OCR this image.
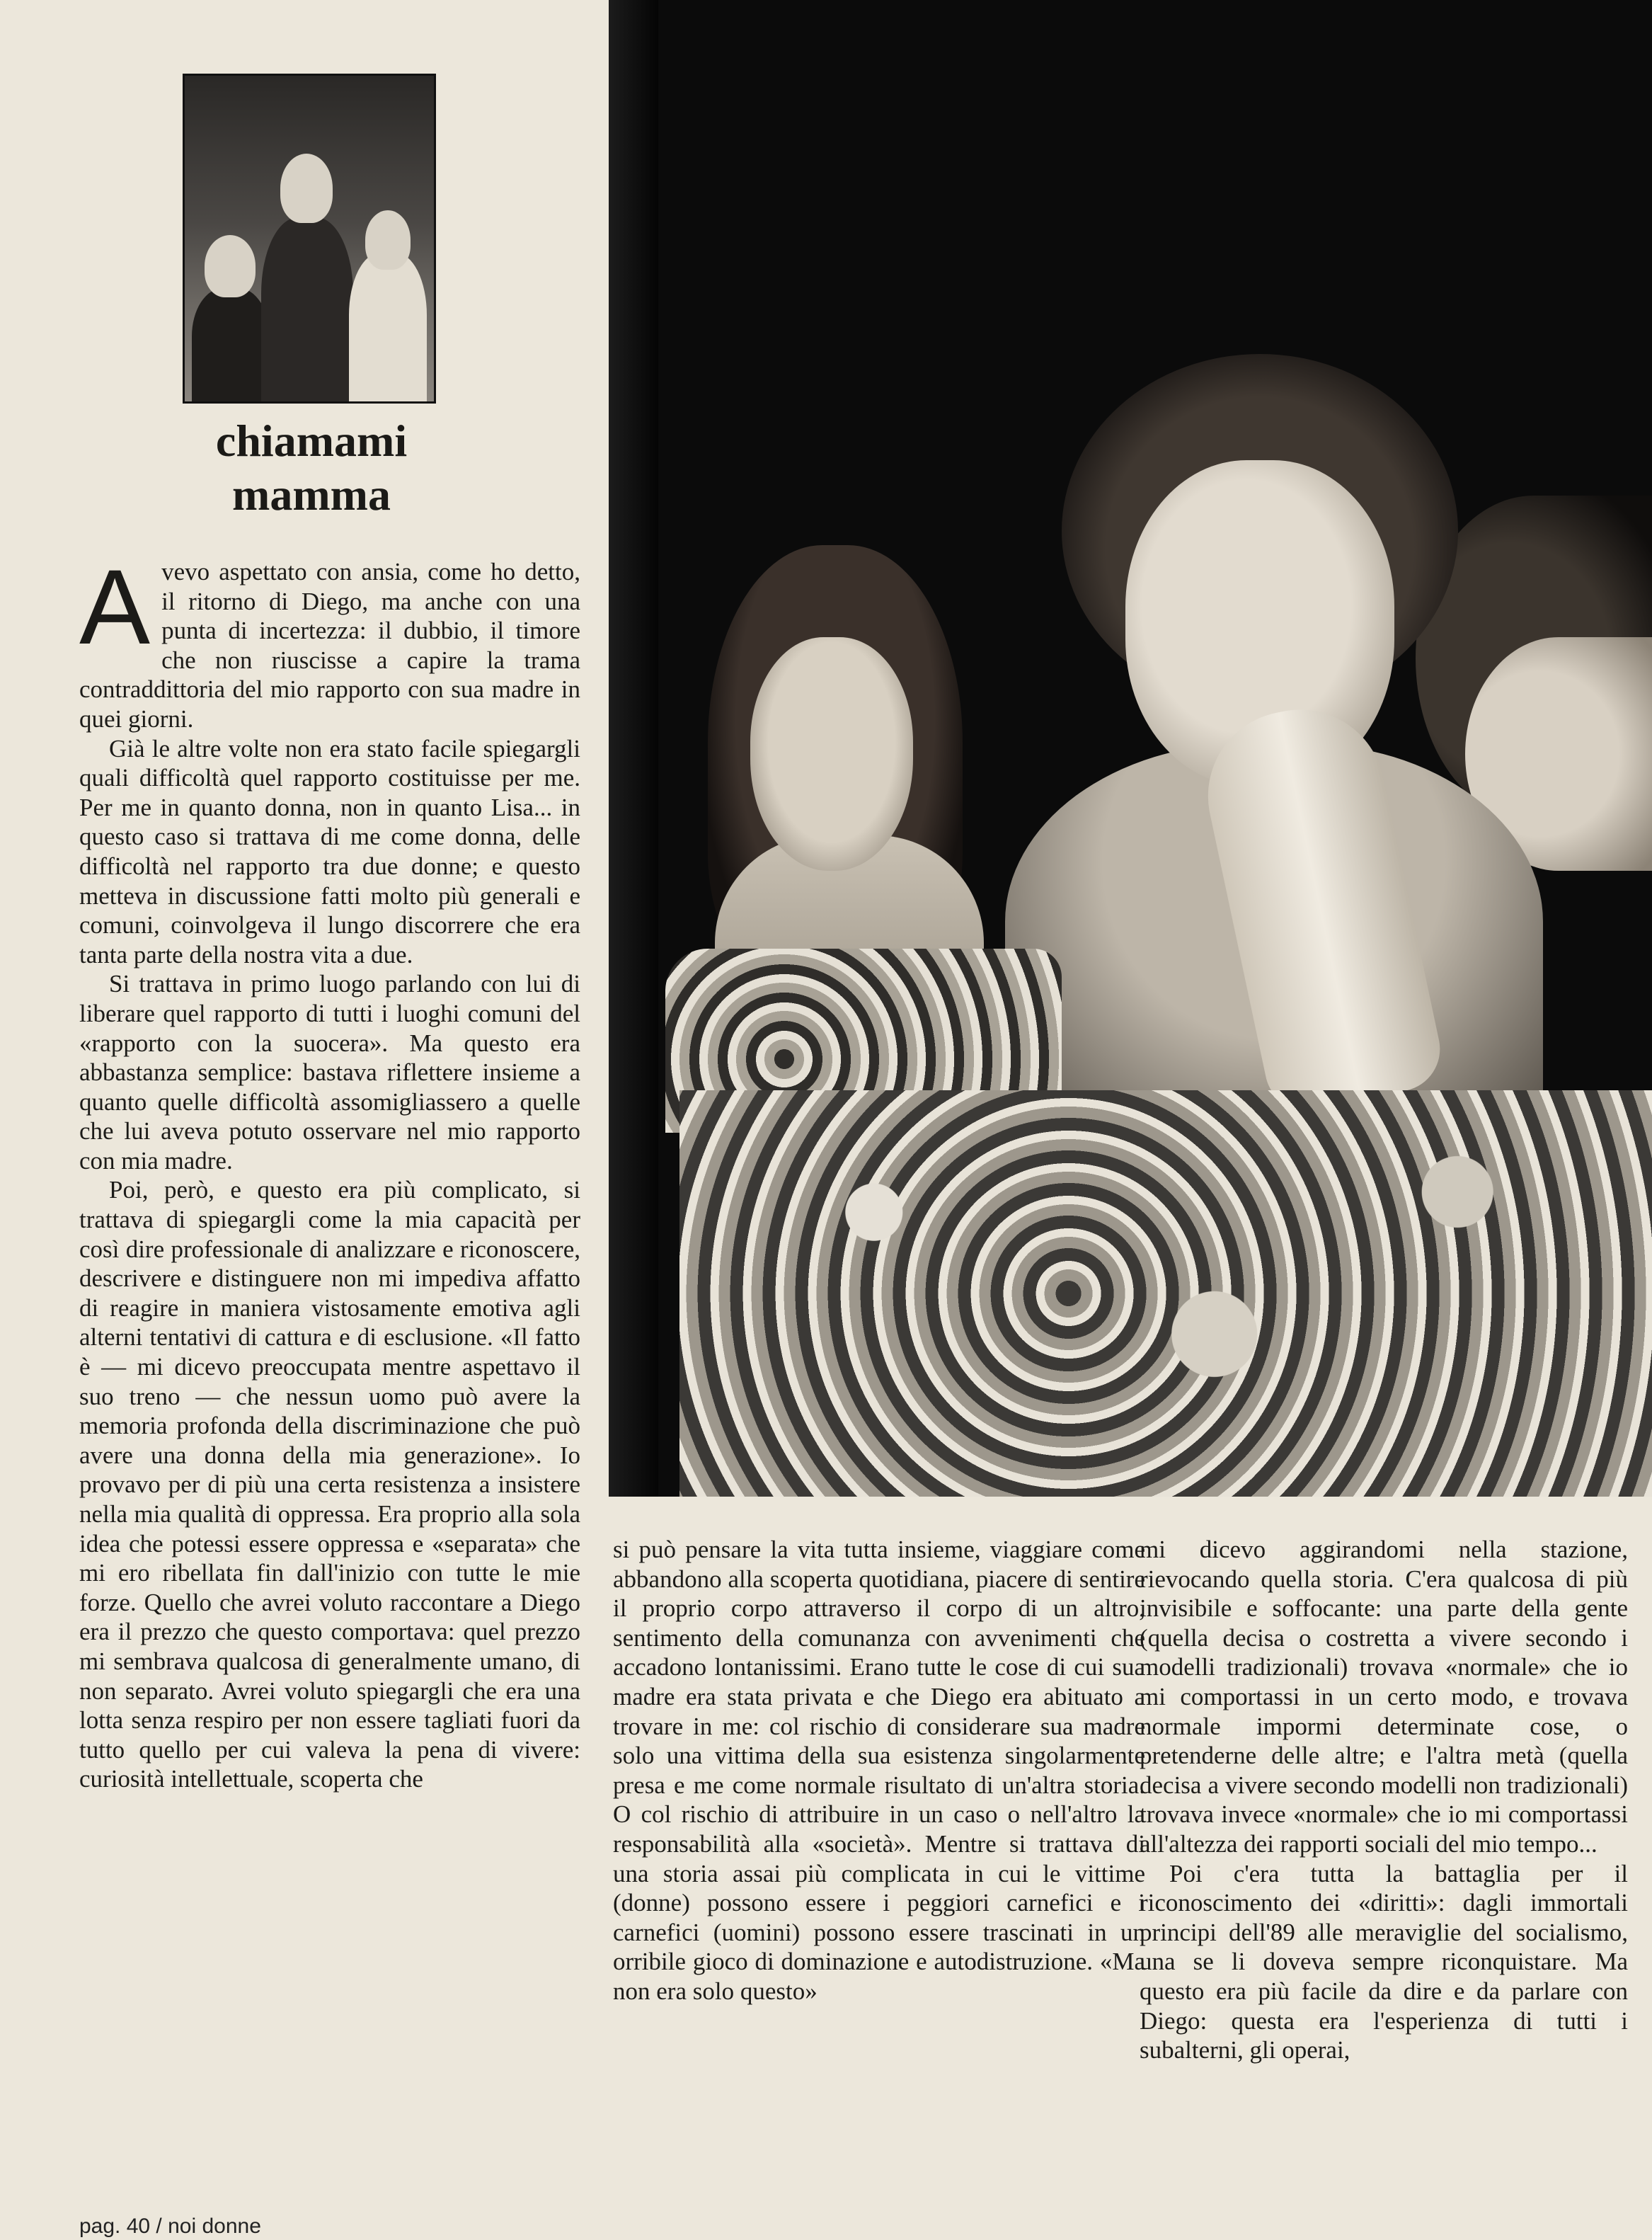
chiamami
mamma

Avevo aspettato con ansia, come ho detto, il ritorno di Diego, ma anche con una punta di incertezza: il dubbio, il timore che non riuscisse a capire la trama contraddittoria del mio rapporto con sua madre in quei giorni.

Già le altre volte non era stato facile spiegargli quali difficoltà quel rapporto costituisse per me. Per me in quanto donna, non in quanto Lisa... in questo caso si trattava di me come donna, delle difficoltà nel rapporto tra due donne; e questo metteva in discussione fatti molto più generali e comuni, coinvolgeva il lungo discorrere che era tanta parte della nostra vita a due.

Si trattava in primo luogo parlando con lui di liberare quel rapporto di tutti i luoghi comuni del «rapporto con la suocera». Ma questo era abbastanza semplice: bastava riflettere insieme a quanto quelle difficoltà assomigliassero a quelle che lui aveva potuto osservare nel mio rapporto con mia madre.

Poi, però, e questo era più complicato, si trattava di spiegargli come la mia capacità per così dire professionale di analizzare e riconoscere, descrivere e distinguere non mi impediva affatto di reagire in maniera vistosamente emotiva agli alterni tentativi di cattura e di esclusione. «Il fatto è — mi dicevo preoccupata mentre aspettavo il suo treno — che nessun uomo può avere la memoria profonda della discriminazione che può avere una donna della mia generazione». Io provavo per di più una certa resistenza a insistere nella mia qualità di oppressa. Era proprio alla sola idea che potessi essere oppressa e «separata» che mi ero ribellata fin dall'inizio con tutte le mie forze. Quello che avrei voluto raccontare a Diego era il prezzo che questo comportava: quel prezzo mi sembrava qualcosa di generalmente umano, di non separato. Avrei voluto spiegargli che era una lotta senza respiro per non essere tagliati fuori da tutto quello per cui valeva la pena di vivere: curiosità intellettuale, scoperta che

si può pensare la vita tutta insieme, viaggiare come abbandono alla scoperta quotidiana, piacere di sentire il proprio corpo attraverso il corpo di un altro, sentimento della comunanza con avvenimenti che accadono lontanissimi. Erano tutte le cose di cui sua madre era stata privata e che Diego era abituato a trovare in me: col rischio di considerare sua madre solo una vittima della sua esistenza singolarmente presa e me come normale risultato di un'altra storia. O col rischio di attribuire in un caso o nell'altro la responsabilità alla «società». Mentre si trattava di una storia assai più complicata in cui le vittime (donne) possono essere i peggiori carnefici e i carnefici (uomini) possono essere trascinati in un orribile gioco di dominazione e autodistruzione. «Ma non era solo questo»

mi dicevo aggirandomi nella stazione, rievocando quella storia. C'era qualcosa di più invisibile e soffocante: una parte della gente (quella decisa o costretta a vivere secondo i modelli tradizionali) trovava «normale» che io mi comportassi in un certo modo, e trovava normale impormi determinate cose, o pretenderne delle altre; e l'altra metà (quella decisa a vivere secondo modelli non tradizionali) trovava invece «normale» che io mi comportassi all'altezza dei rapporti sociali del mio tempo...

Poi c'era tutta la battaglia per il riconoscimento dei «diritti»: dagli immortali principi dell'89 alle meraviglie del socialismo, una se li doveva sempre riconquistare. Ma questo era più facile da dire e da parlare con Diego: questa era l'esperienza di tutti i subalterni, gli operai,

pag. 40 / noi donne
